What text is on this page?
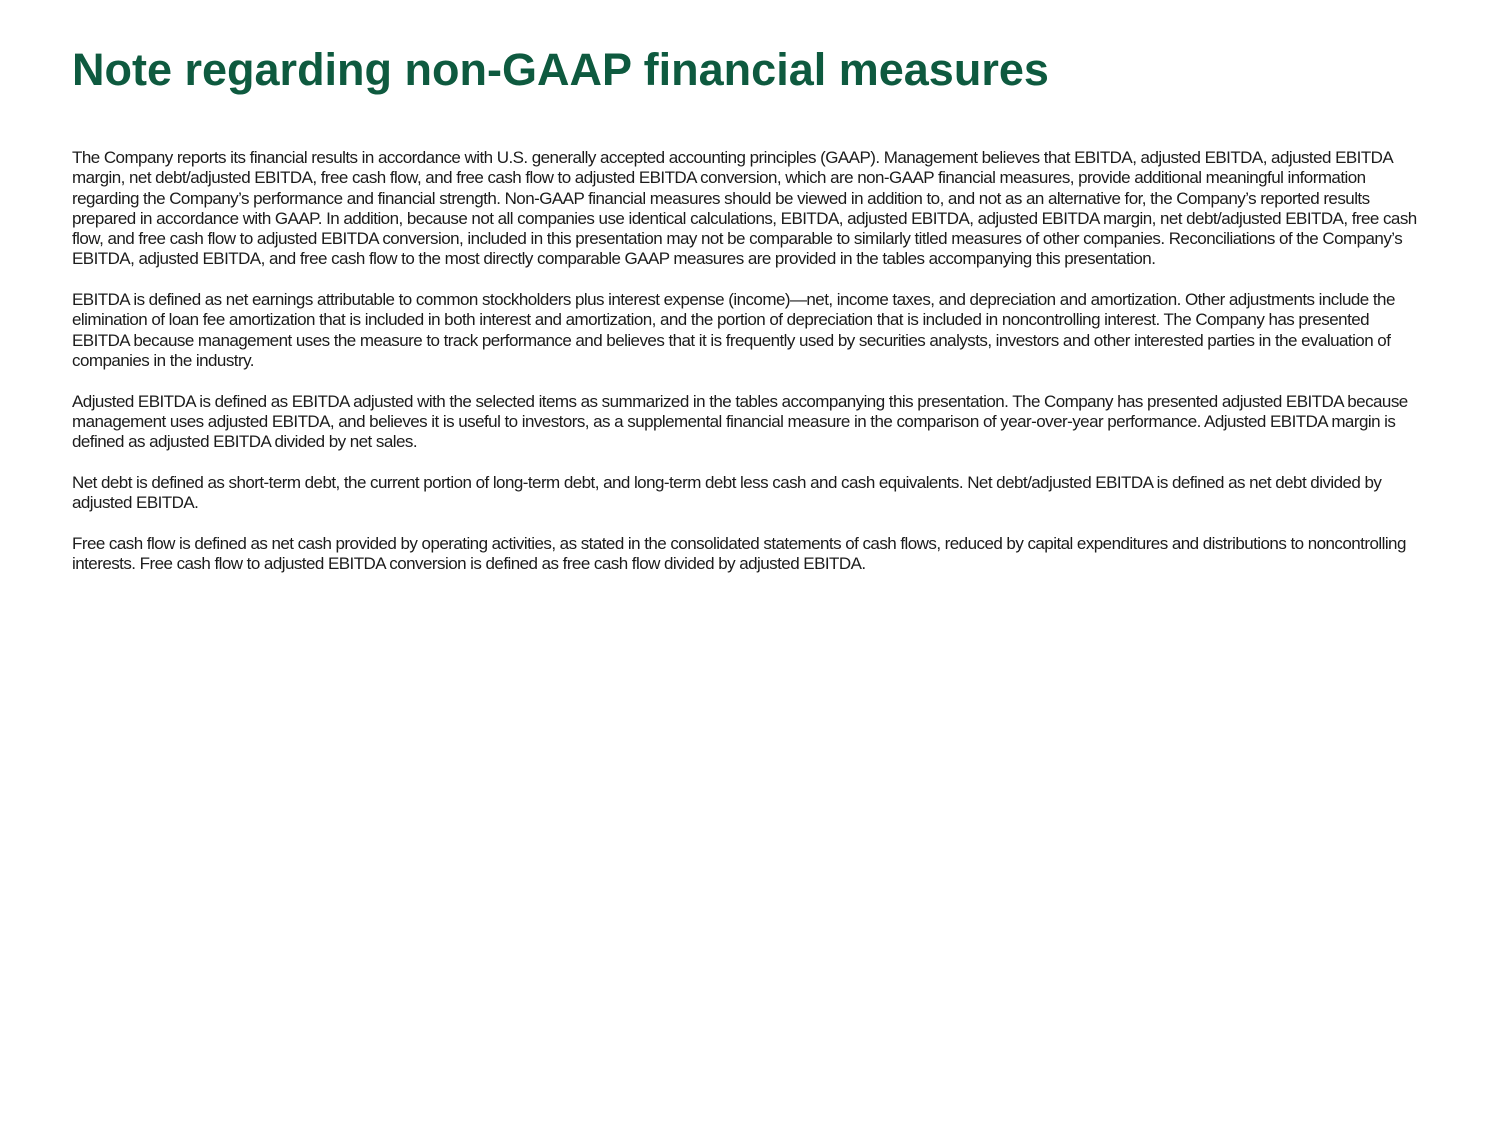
Note regarding non-GAAP financial measures

The Company reports its financial results in accordance with U.S. generally accepted accounting principles (GAAP). Management believes that EBITDA, adjusted EBITDA, adjusted EBITDA margin, net debt/adjusted EBITDA, free cash flow, and free cash flow to adjusted EBITDA conversion, which are non-GAAP financial measures, provide additional meaningful information regarding the Company’s performance and financial strength. Non-GAAP financial measures should be viewed in addition to, and not as an alternative for, the Company’s reported results prepared in accordance with GAAP. In addition, because not all companies use identical calculations, EBITDA, adjusted EBITDA, adjusted EBITDA margin, net debt/adjusted EBITDA, free cash flow, and free cash flow to adjusted EBITDA conversion, included in this presentation may not be comparable to similarly titled measures of other companies. Reconciliations of the Company’s EBITDA, adjusted EBITDA, and free cash flow to the most directly comparable GAAP measures are provided in the tables accompanying this presentation.

EBITDA is defined as net earnings attributable to common stockholders plus interest expense (income)—net, income taxes, and depreciation and amortization. Other adjustments include the elimination of loan fee amortization that is included in both interest and amortization, and the portion of depreciation that is included in noncontrolling interest. The Company has presented EBITDA because management uses the measure to track performance and believes that it is frequently used by securities analysts, investors and other interested parties in the evaluation of companies in the industry.

Adjusted EBITDA is defined as EBITDA adjusted with the selected items as summarized in the tables accompanying this presentation. The Company has presented adjusted EBITDA because management uses adjusted EBITDA, and believes it is useful to investors, as a supplemental financial measure in the comparison of year-over-year performance. Adjusted EBITDA margin is defined as adjusted EBITDA divided by net sales.

Net debt is defined as short-term debt, the current portion of long-term debt, and long-term debt less cash and cash equivalents. Net debt/adjusted EBITDA is defined as net debt divided by adjusted EBITDA.

Free cash flow is defined as net cash provided by operating activities, as stated in the consolidated statements of cash flows, reduced by capital expenditures and distributions to noncontrolling interests. Free cash flow to adjusted EBITDA conversion is defined as free cash flow divided by adjusted EBITDA.
